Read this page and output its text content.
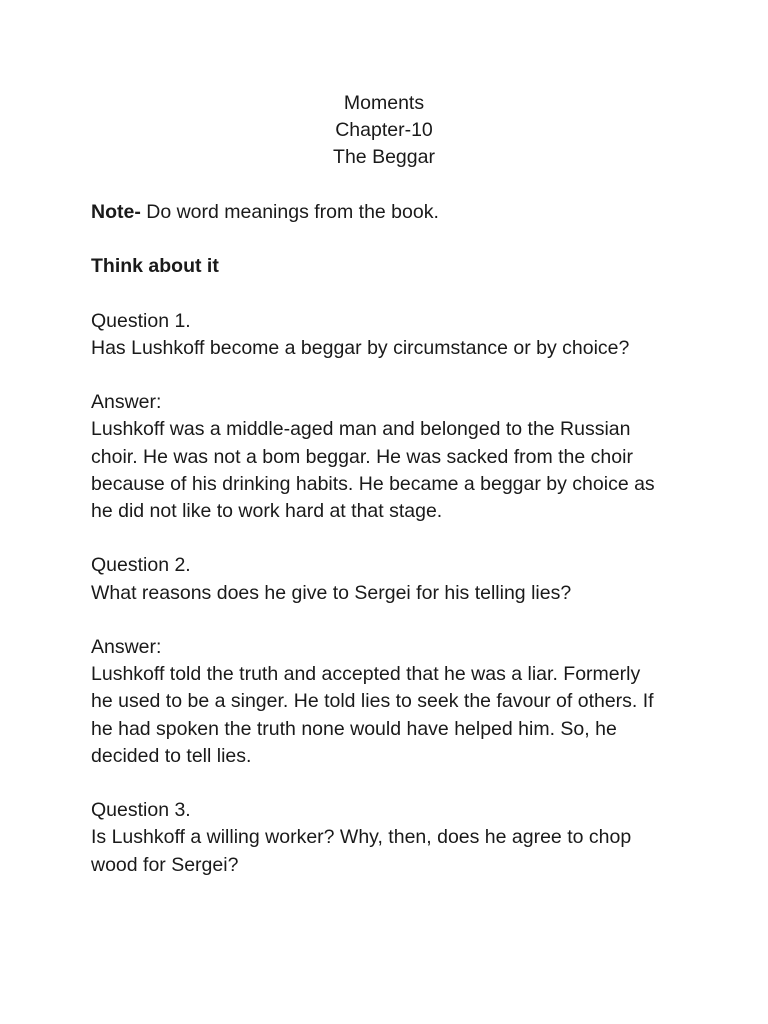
Moments
Chapter-10
The Beggar
Note- Do word meanings from the book.
Think about it
Question 1.
Has Lushkoff become a beggar by circumstance or by choice?
Answer:
Lushkoff was a middle-aged man and belonged to the Russian
choir. He was not a bom beggar. He was sacked from the choir
because of his drinking habits. He became a beggar by choice as
he did not like to work hard at that stage.
Question 2.
What reasons does he give to Sergei for his telling lies?
Answer:
Lushkoff told the truth and accepted that he was a liar. Formerly
he used to be a singer. He told lies to seek the favour of others. If
he had spoken the truth none would have helped him. So, he
decided to tell lies.
Question 3.
Is Lushkoff a willing worker? Why, then, does he agree to chop
wood for Sergei?
